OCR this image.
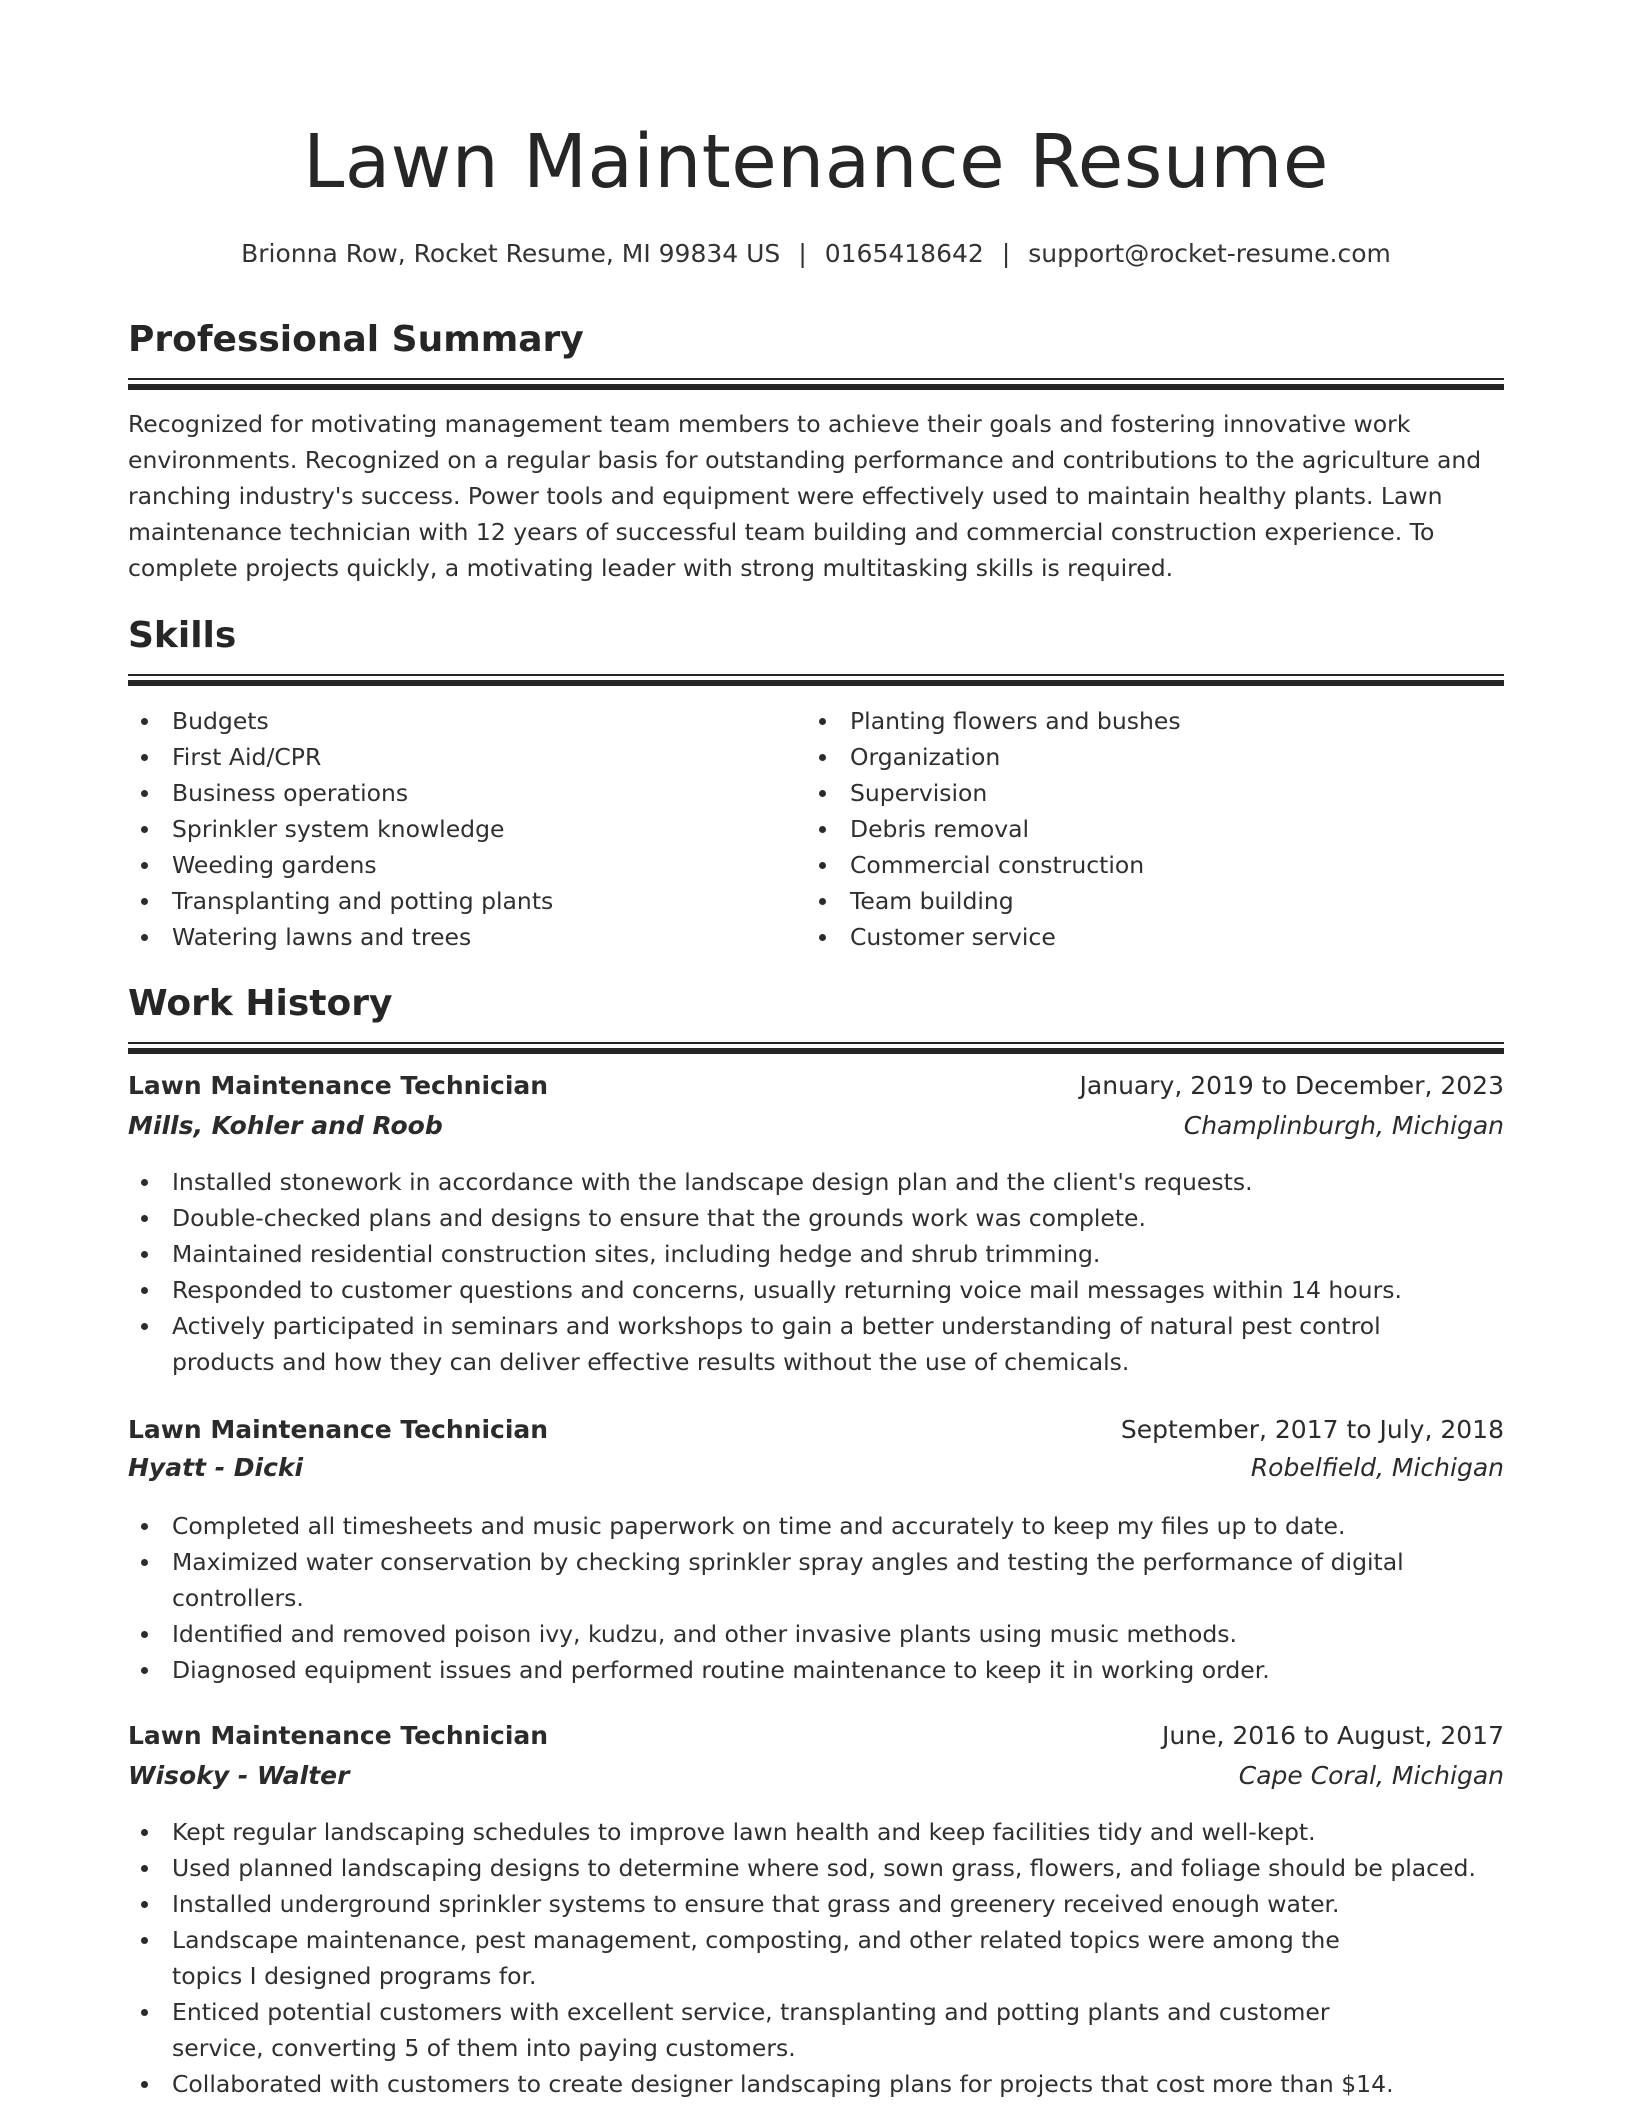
Lawn Maintenance Resume
Brionna Row, Rocket Resume, MI 99834 US | 0165418642 | support@rocket-resume.com
Professional Summary

Recognized for motivating management team members to achieve their goals and fostering innovative work environments. Recognized on a regular basis for outstanding performance and contributions to the agriculture and ranching industry's success. Power tools and equipment were effectively used to maintain healthy plants. Lawn maintenance technician with 12 years of successful team building and commercial construction experience. To complete projects quickly, a motivating leader with strong multitasking skills is required.

Skills
Budgets
First Aid/CPR
Business operations
Sprinkler system knowledge
Weeding gardens
Transplanting and potting plants
Watering lawns and trees
Planting flowers and bushes
Organization
Supervision
Debris removal
Commercial construction
Team building
Customer service
Work History
Lawn Maintenance Technician	January, 2019 to December, 2023
Mills, Kohler and Roob	Champlinburgh, Michigan
Installed stonework in accordance with the landscape design plan and the client's requests.
Double-checked plans and designs to ensure that the grounds work was complete.
Maintained residential construction sites, including hedge and shrub trimming.
Responded to customer questions and concerns, usually returning voice mail messages within 14 hours.
Actively participated in seminars and workshops to gain a better understanding of natural pest control products and how they can deliver effective results without the use of chemicals.
Lawn Maintenance Technician	September, 2017 to July, 2018
Hyatt - Dicki	Robelfield, Michigan
Completed all timesheets and music paperwork on time and accurately to keep my files up to date.
Maximized water conservation by checking sprinkler spray angles and testing the performance of digital controllers.
Identified and removed poison ivy, kudzu, and other invasive plants using music methods.
Diagnosed equipment issues and performed routine maintenance to keep it in working order.
Lawn Maintenance Technician	June, 2016 to August, 2017
Wisoky - Walter	Cape Coral, Michigan
Kept regular landscaping schedules to improve lawn health and keep facilities tidy and well-kept.
Used planned landscaping designs to determine where sod, sown grass, flowers, and foliage should be placed.
Installed underground sprinkler systems to ensure that grass and greenery received enough water.
Landscape maintenance, pest management, composting, and other related topics were among the topics I designed programs for.
Enticed potential customers with excellent service, transplanting and potting plants and customer service, converting 5 of them into paying customers.
Collaborated with customers to create designer landscaping plans for projects that cost more than $14.
